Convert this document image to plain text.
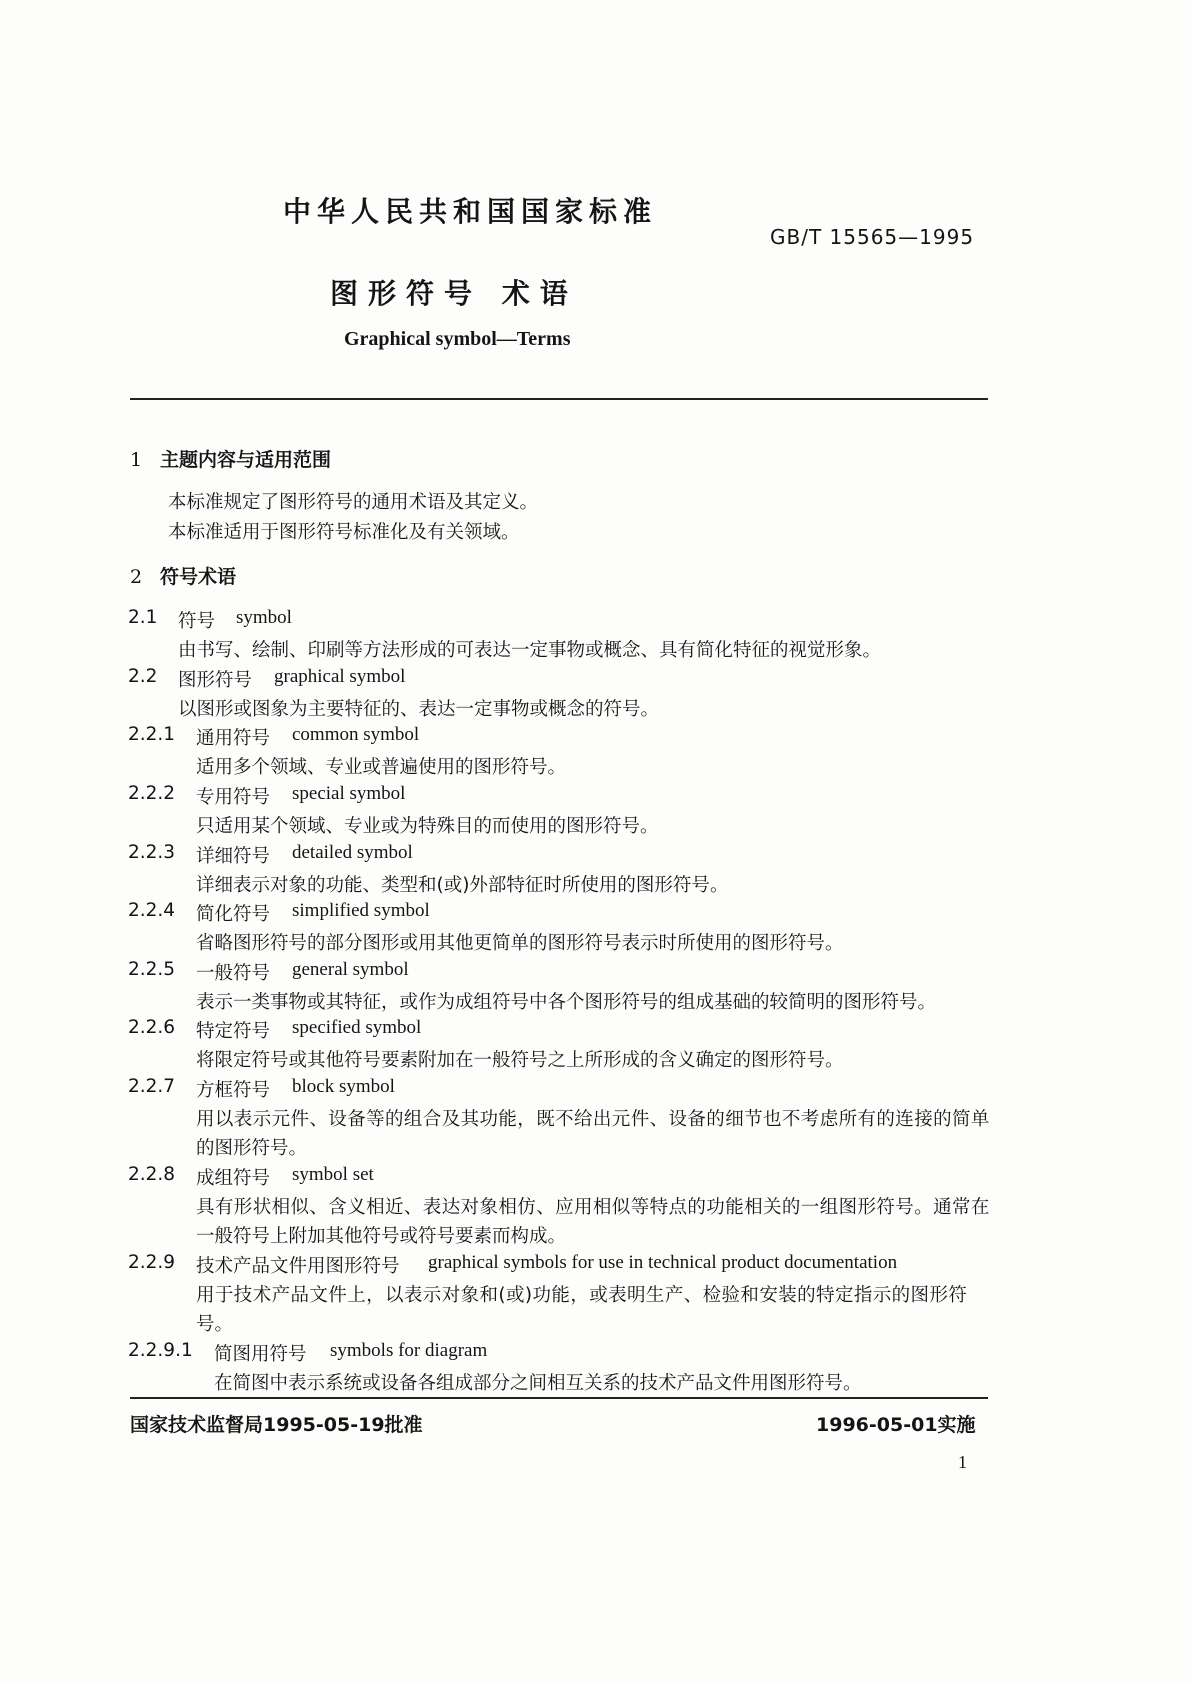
中华人民共和国国家标准
GB/T 15565—1995
图形符号 术语
Graphical symbol—Terms
1 主题内容与适用范围
本标准规定了图形符号的通用术语及其定义。
本标准适用于图形符号标准化及有关领域。
2 符号术语
2.1 符号 symbol
由书写、绘制、印刷等方法形成的可表达一定事物或概念、具有简化特征的视觉形象。
2.2 图形符号 graphical symbol
以图形或图象为主要特征的、表达一定事物或概念的符号。
2.2.1 通用符号 common symbol
适用多个领域、专业或普遍使用的图形符号。
2.2.2 专用符号 special symbol
只适用某个领域、专业或为特殊目的而使用的图形符号。
2.2.3 详细符号 detailed symbol
详细表示对象的功能、类型和(或)外部特征时所使用的图形符号。
2.2.4 简化符号 simplified symbol
省略图形符号的部分图形或用其他更简单的图形符号表示时所使用的图形符号。
2.2.5 一般符号 general symbol
表示一类事物或其特征，或作为成组符号中各个图形符号的组成基础的较简明的图形符号。
2.2.6 特定符号 specified symbol
将限定符号或其他符号要素附加在一般符号之上所形成的含义确定的图形符号。
2.2.7 方框符号 block symbol
用以表示元件、设备等的组合及其功能，既不给出元件、设备的细节也不考虑所有的连接的简单
的图形符号。
2.2.8 成组符号 symbol set
具有形状相似、含义相近、表达对象相仿、应用相似等特点的功能相关的一组图形符号。通常在
一般符号上附加其他符号或符号要素而构成。
2.2.9 技术产品文件用图形符号 graphical symbols for use in technical product documentation
用于技术产品文件上，以表示对象和(或)功能，或表明生产、检验和安装的特定指示的图形符
号。
2.2.9.1 简图用符号 symbols for diagram
在简图中表示系统或设备各组成部分之间相互关系的技术产品文件用图形符号。
国家技术监督局1995-05-19批准	1996-05-01实施
1
